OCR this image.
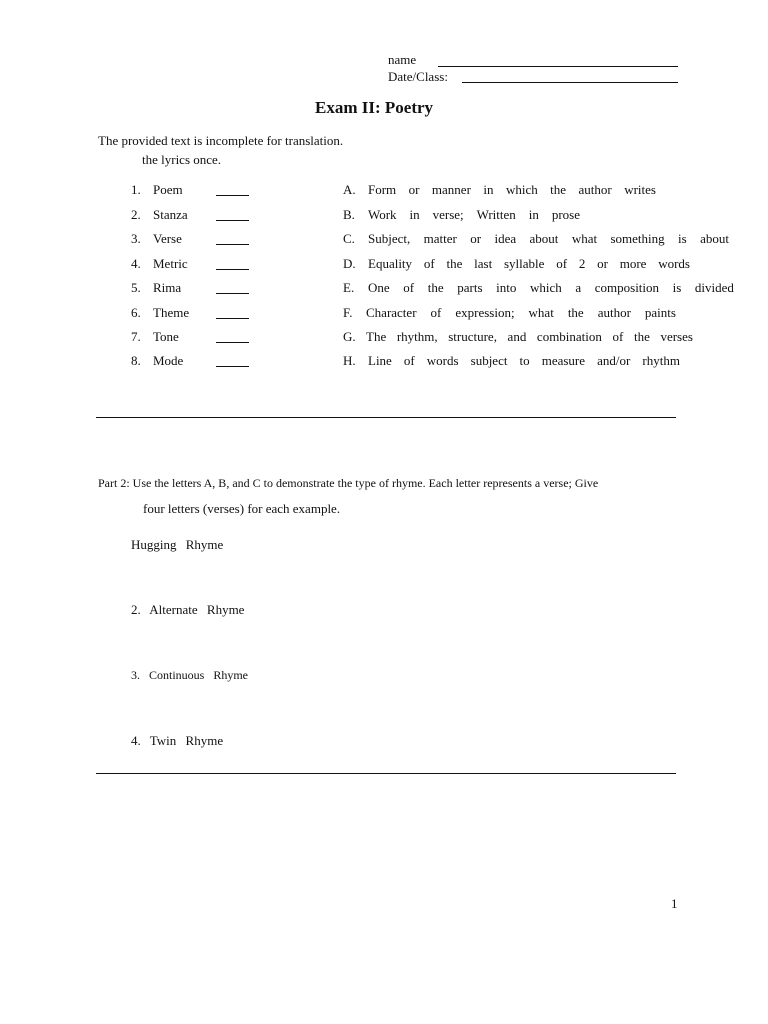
name
Date/Class:
Exam II: Poetry
The provided text is incomplete for translation.
the lyrics once.
1. Poem
2. Stanza
3. Verse
4. Metric
5. Rima
6. Theme
7. Tone
8. Mode
A. Form or manner in which the author writes
B. Work in verse; Written in prose
C. Subject, matter or idea about what something is about
D. Equality of the last syllable of 2 or more words
E. One of the parts into which a composition is divided
F. Character of expression; what the author paints
G. The rhythm, structure, and combination of the verses
H. Line of words subject to measure and/or rhythm
Part 2: Use the letters A, B, and C to demonstrate the type of rhyme. Each letter represents a verse; Give
four letters (verses) for each example.
Hugging Rhyme
2. Alternate Rhyme
3. Continuous Rhyme
4. Twin Rhyme
1
